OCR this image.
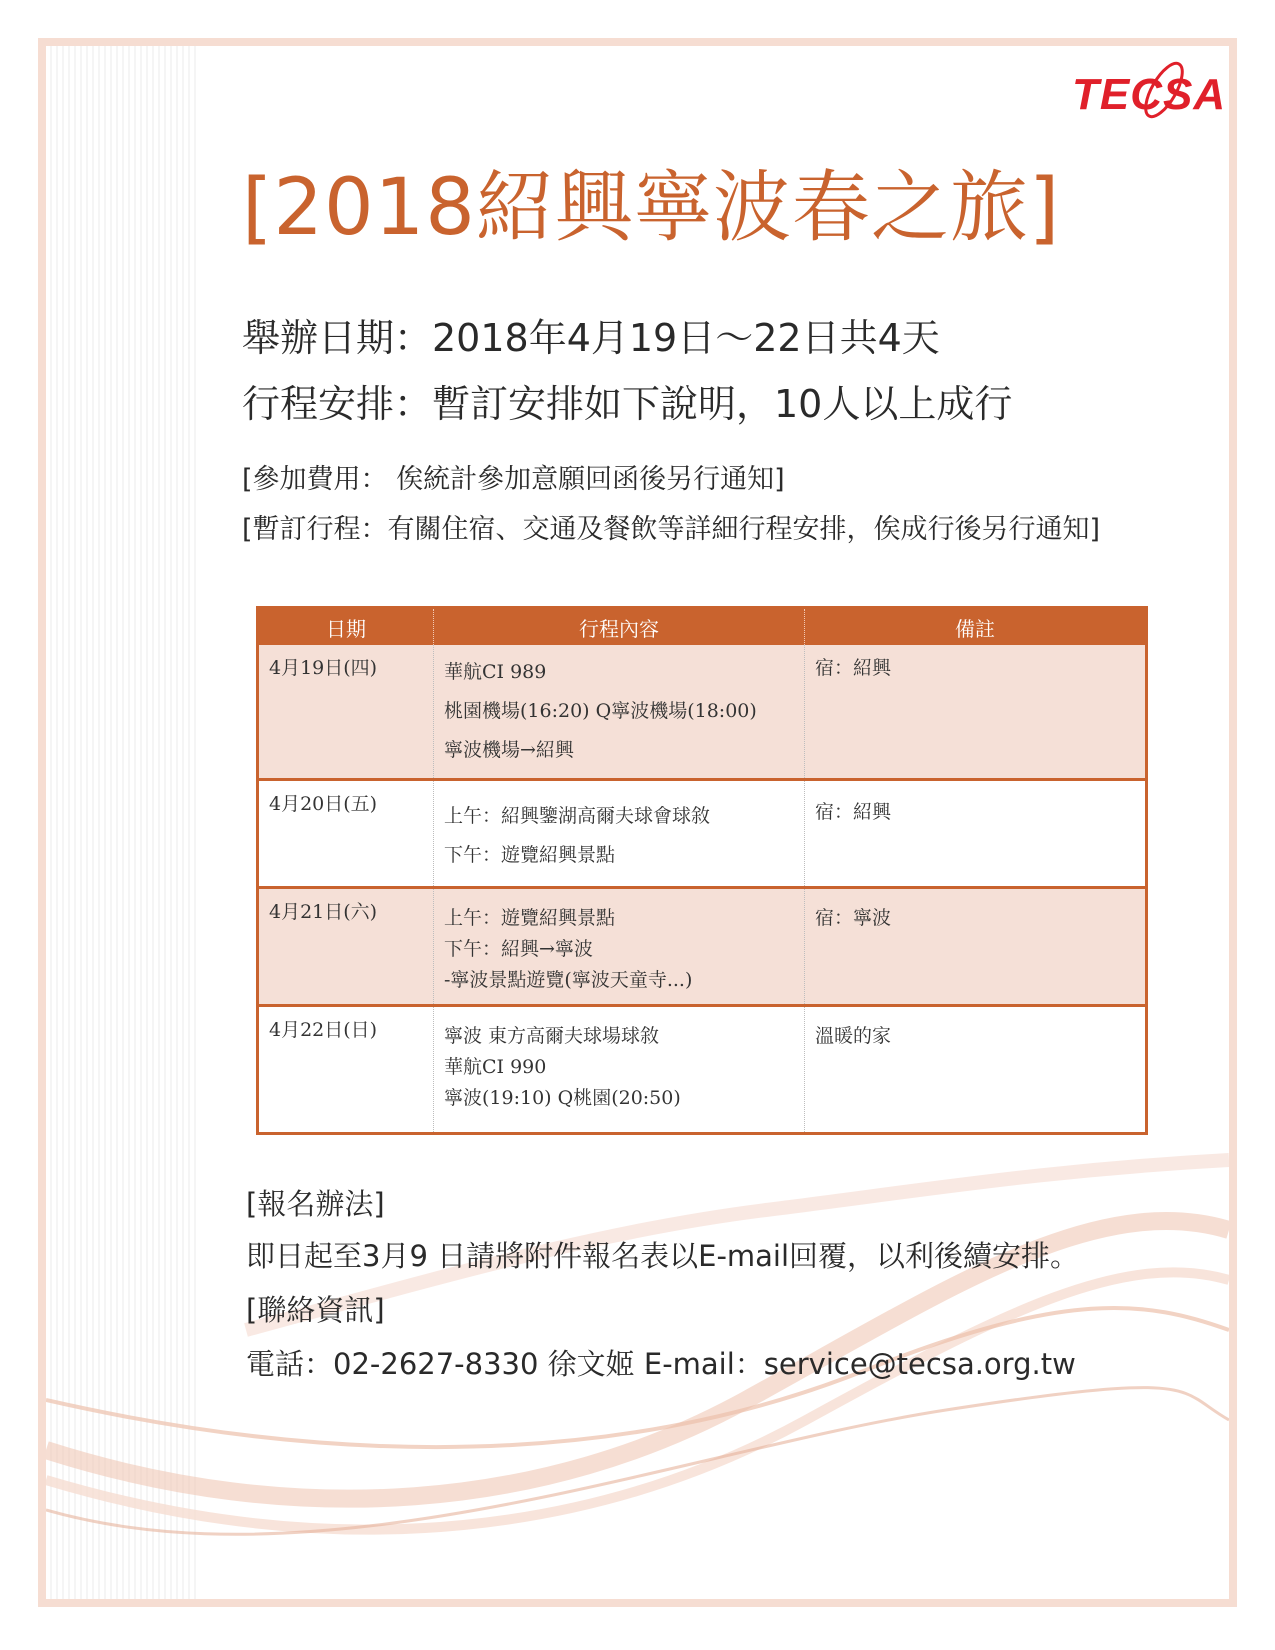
TECSA
[2018紹興寧波春之旅]
舉辦日期：2018年4月19日～22日共4天
行程安排：暫訂安排如下說明，10人以上成行
[參加費用： 俟統計參加意願回函後另行通知]
[暫訂行程：有關住宿、交通及餐飲等詳細行程安排，俟成行後另行通知]
日期	行程內容	備註
4月19日(四)	華航CI 989
桃園機場(16:20) Q寧波機場(18:00)
寧波機場→紹興	宿：紹興
4月20日(五)	上午：紹興鑒湖高爾夫球會球敘
下午：遊覽紹興景點	宿：紹興
4月21日(六)	上午：遊覽紹興景點
下午：紹興→寧波
-寧波景點遊覽(寧波天童寺...)	宿：寧波
4月22日(日)	寧波 東方高爾夫球場球敘
華航CI 990
寧波(19:10) Q桃園(20:50)	溫暖的家
[報名辦法]
即日起至3月9 日請將附件報名表以E-mail回覆，以利後續安排。
[聯絡資訊]
電話：02-2627-8330 徐文姬 E-mail：service@tecsa.org.tw
